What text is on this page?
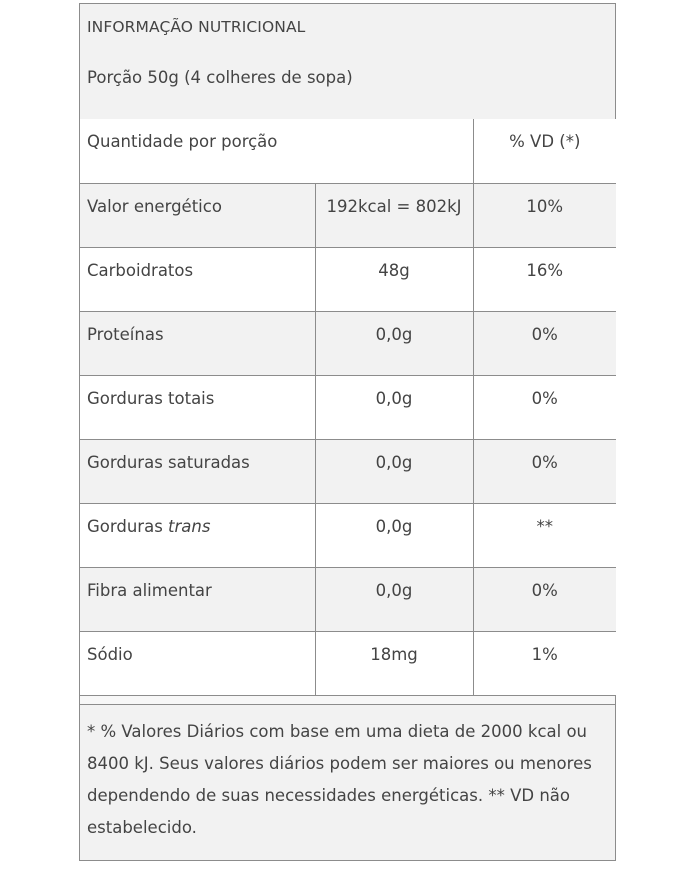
INFORMAÇÃO NUTRICIONAL
Porção 50g (4 colheres de sopa)
Quantidade por porção		% VD (*)

Valor energético	192kcal = 802kJ	10%

Carboidratos	48g	16%

Proteínas	0,0g	0%

Gorduras totais	0,0g	0%

Gorduras saturadas	0,0g	0%

Gorduras trans	0,0g	**

Fibra alimentar	0,0g	0%

Sódio	18mg	1%
* % Valores Diários com base em uma dieta de 2000 kcal ou 8400 kJ. Seus valores diários podem ser maiores ou menores dependendo de suas necessidades energéticas. ** VD não estabelecido.
